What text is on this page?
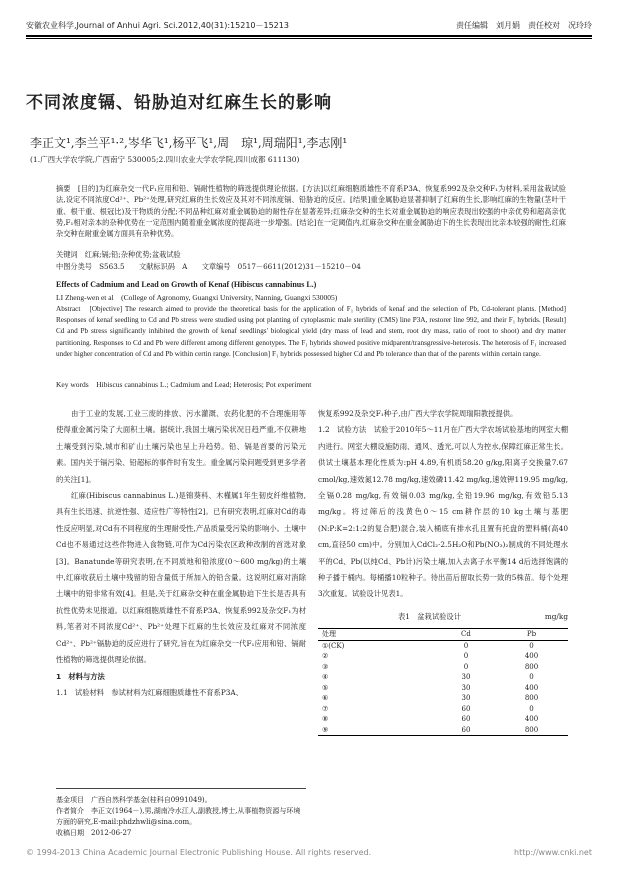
安徽农业科学,Journal of Anhui Agri. Sci.2012,40(31):15210－15213	责任编辑　刘月娟　责任校对　况玲玲
不同浓度镉、铅胁迫对红麻生长的影响
李正文¹,李兰平¹·²,岑华飞¹,杨平飞¹,周　琼¹,周瑞阳¹,李志刚¹
(1.广西大学农学院,广西南宁 530005;2.四川农业大学农学院,四川成都 611130)
摘要　[目的]为红麻杂交一代F₁应用和铅、镉耐性植物的筛选提供理论依据。[方法]以红麻细胞质雄性不育系P3A、恢复系992及杂交种F₁为材料,采用盆栽试验法,设定不同浓度Cd²⁺、Pb²⁺处理,研究红麻的生长效应及其对不同浓度镉、铅胁迫的反应。[结果]重金属胁迫显著抑制了红麻的生长,影响红麻的生物量(茎叶干重、根干重、根冠比)及干物质的分配;不同品种红麻对重金属胁迫的耐性存在显著差异;红麻杂交种的生长对重金属胁迫的响应表现出较强的中亲优势和超高亲优势,F₁相对亲本的杂种优势在一定范围内随着重金属浓度的提高进一步增强。[结论]在一定阈值内,红麻杂交种在重金属胁迫下的生长表现出比亲本较强的耐性,红麻杂交种在耐重金属方面具有杂种优势。
关键词　红麻;镉;铅;杂种优势;盆栽试验
中图分类号　S563.5　　文献标识码　A　　文章编号　0517－6611(2012)31－15210－04
Effects of Cadmium and Lead on Growth of Kenaf (Hibiscus cannabinus L.)
LI Zheng-wen et al　(College of Agronomy, Guangxi University, Nanning, Guangxi 530005)
Abstract　[Objective] The research aimed to provide the theoretical basis for the application of F₁ hybrids of kenaf and the selection of Pb, Cd-tolerant plants. [Method] Responses of kenaf seedling to Cd and Pb stress were studied using pot planting of cytoplasmic male sterility (CMS) line P3A, restorer line 992, and their F₁ hybrids. [Result] Cd and Pb stress significantly inhibited the growth of kenaf seedlings' biological yield (dry mass of lead and stem, root dry mass, ratio of root to shoot) and dry matter partitioning. Responses to Cd and Pb were different among different genotypes. The F₁ hybrids showed positive midparent/transgressive-heterosis. The heterosis of F₁ increased under higher concentration of Cd and Pb within certin range. [Conclusion] F₁ hybrids possessed higher Cd and Pb tolerance than that of the parents within certain range.
Key words　Hibiscus cannabinus L.; Cadmium and Lead; Heterosis; Pot experiment
　　由于工业的发展,工业三废的排放、污水灌溉、农药化肥的不合理施用等使得重金属污染了大面积土壤。据统计,我国土壤污染状况日趋严重,不仅耕地土壤受到污染,城市和矿山土壤污染也呈上升趋势。铅、镉是首要的污染元素。国内关于镉污染、铅超标的事件时有发生。重金属污染问题受到更多学者的关注[1]。
　　红麻(Hibiscus cannabinus L.)是锦葵科、木槿属1年生韧皮纤维植物,具有生长迅速、抗逆性强、适应性广等特性[2]。已有研究表明,红麻对Cd的毒性反应明显,对Cd有不同程度的生理耐受性,产品质量受污染的影响小。土壤中Cd也不易通过这些作物进入食物链,可作为Cd污染农区政种改制的首选对象[3]。Banatunde等研究表明,在不同质地和铅浓度(0～600 mg/kg)的土壤中,红麻收获后土壤中残留的铅含量低于所加入的铅含量。这说明红麻对消除土壤中的铅非常有效[4]。但是,关于红麻杂交种在重金属胁迫下生长是否具有抗性优势未见报道。以红麻细胞质雄性不育系P3A、恢复系992及杂交F₁为材料,笔者对不同浓度Cd²⁺、Pb²⁺处理下红麻的生长效应及红麻对不同浓度Cd²⁺、Pb²⁺镉胁迫的反应进行了研究,旨在为红麻杂交一代F₁应用和铅、镉耐性植物的筛选提供理论依据。
1　材料与方法
1.1　试验材料　参试材料为红麻细胞质雄性不育系P3A、
基金项目　广西自然科学基金(桂科自0991049)。
作者简介　李正文(1964－),男,湖南冷水江人,副教授,博士,从事植物资源与环境方面的研究,E-mail:phdzhwli@sina.com。
收稿日期　2012-06-27
恢复系992及杂交F₁种子,由广西大学农学院周瑞阳教授提供。
1.2　试验方法　试验于2010年5～11月在广西大学农场试验基地的网室大棚内进行。网室大棚设施防雨、通风、透光,可以人为控水,保障红麻正常生长。供试土壤基本理化性质为:pH 4.89,有机质58.20 g/kg,阳离子交换量7.67 cmol/kg,速效氮12.78 mg/kg,速效磷11.42 mg/kg,速效钾119.95 mg/kg,全镉0.28 mg/kg,有效镉0.03 mg/kg,全铅19.96 mg/kg,有效铅5.13 mg/kg。将过筛后的浅黄色0～15 cm耕作层的10 kg土壤与基肥(N:P:K=2:1:2的复合肥)混合,装入桶底有排水孔且置有托盘的塑料桶(高40 cm,直径50 cm)中。分别加入CdCl₂·2.5H₂O和Pb(NO₃)₂制成的不同处理水平的Cd、Pb(以纯Cd、Pb计)污染土壤,加入去离子水平衡14 d后选择饱满的种子播于桶内。每桶播10粒种子。待出苗后留取长势一致的5株苗。每个处理3次重复。试验设计见表1。
表1　盆栽试验设计	mg/kg
处理	Cd	Pb
①(CK)	0	0
②	0	400
③	0	800
④	30	0
⑤	30	400
⑥	30	800
⑦	60	0
⑧	60	400
⑨	60	800
© 1994-2013 China Academic Journal Electronic Publishing House. All rights reserved.	http://www.cnki.net
